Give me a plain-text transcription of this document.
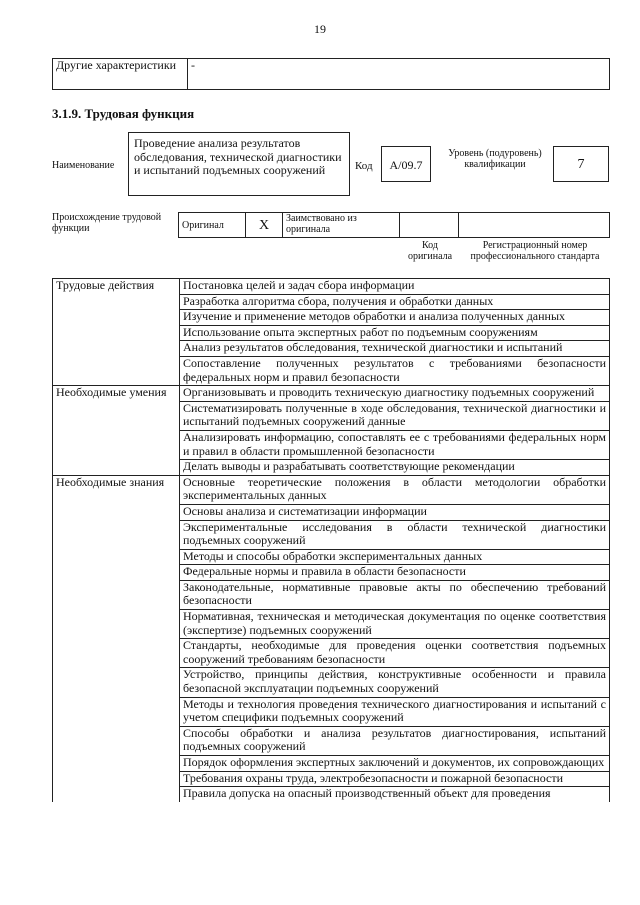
19
Другие характеристики	-
3.1.9. Трудовая функция
Наименование
Проведение анализа результатов обследования, технической диагностики и испытаний подъемных сооружений	Код	А/09.7
Уровень (подуровень) квалификации	7
Происхождение трудовой функции	Оригинал	X	Заимствовано из оригинала		
Код оригинала
Регистрационный номер профессионального стандарта
Трудовые действия	Постановка целей и задач сбора информации
	Разработка алгоритма сбора, получения и обработки данных
	Изучение и применение методов обработки и анализа полученных данных
	Использование опыта экспертных работ по подъемным сооружениям
	Анализ результатов обследования, технической диагностики и испытаний
	Сопоставление полученных результатов с требованиями безопасности федеральных норм и правил безопасности
Необходимые умения	Организовывать и проводить техническую диагностику подъемных сооружений
	Систематизировать полученные в ходе обследования, технической диагностики и испытаний подъемных сооружений данные
	Анализировать информацию, сопоставлять ее с требованиями федеральных норм и правил в области промышленной безопасности
	Делать выводы и разрабатывать соответствующие рекомендации
Необходимые знания	Основные теоретические положения в области методологии обработки экспериментальных данных
	Основы анализа и систематизации информации
	Экспериментальные исследования в области технической диагностики подъемных сооружений
	Методы и способы обработки экспериментальных данных
	Федеральные нормы и правила в области безопасности
	Законодательные, нормативные правовые акты по обеспечению требований безопасности
	Нормативная, техническая и методическая документация по оценке соответствия (экспертизе) подъемных сооружений
	Стандарты, необходимые для проведения оценки соответствия подъемных сооружений требованиям безопасности
	Устройство, принципы действия, конструктивные особенности и правила безопасной эксплуатации подъемных сооружений
	Методы и технология проведения технического диагностирования и испытаний с учетом специфики подъемных сооружений
	Способы обработки и анализа результатов диагностирования, испытаний подъемных сооружений
	Порядок оформления экспертных заключений и документов, их сопровождающих
	Требования охраны труда, электробезопасности и пожарной безопасности
	Правила допуска на опасный производственный объект для проведения
